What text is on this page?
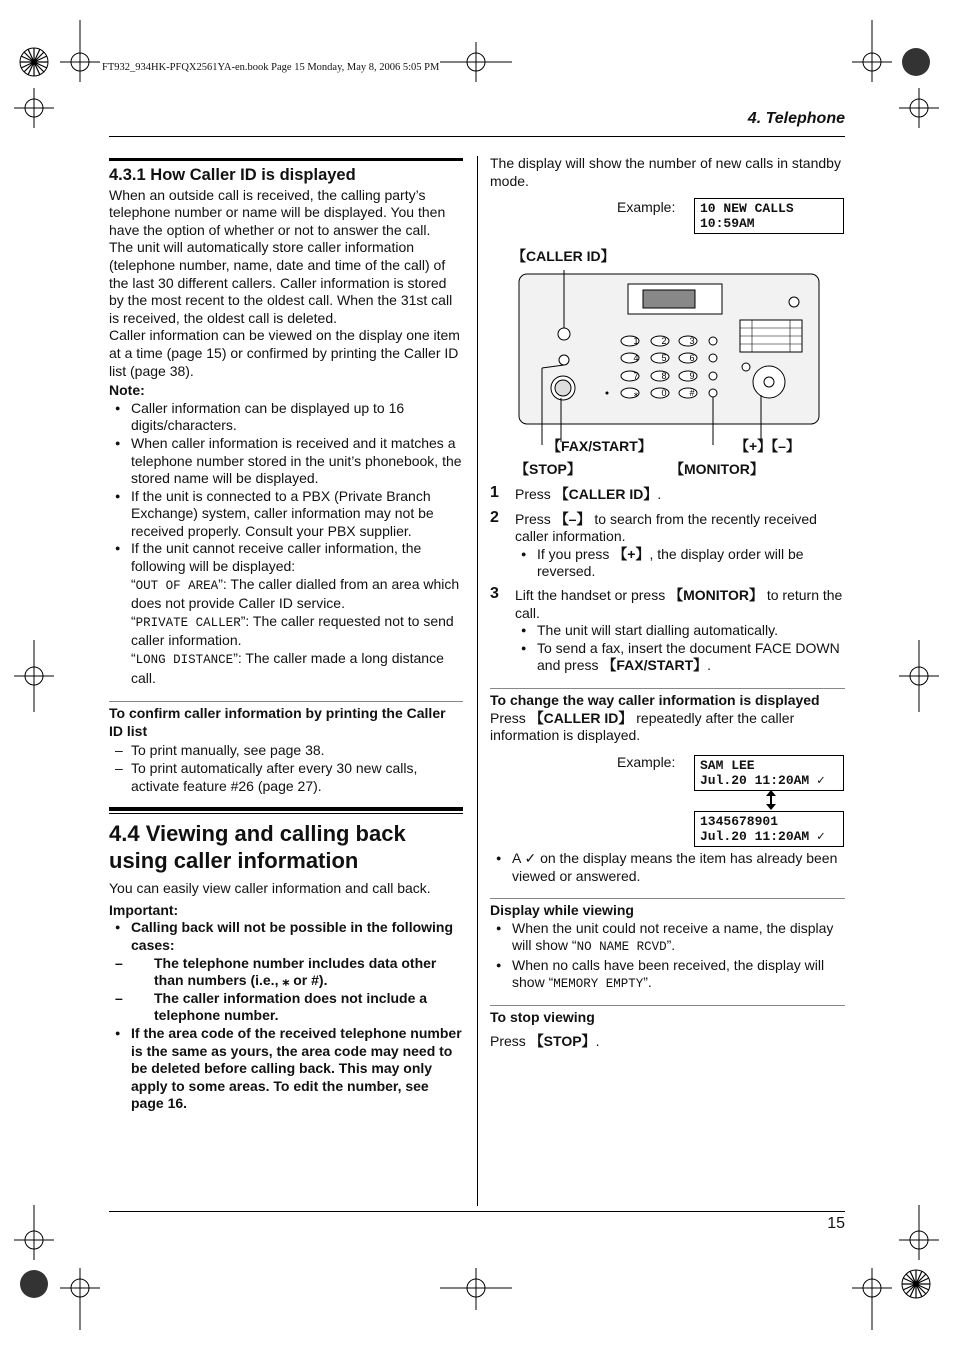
FT932_934HK-PFQX2561YA-en.book Page 15 Monday, May 8, 2006 5:05 PM
4. Telephone
15
4.3.1 How Caller ID is displayed

When an outside call is received, the calling party’s telephone number or name will be displayed. You then have the option of whether or not to answer the call.

The unit will automatically store caller information (telephone number, name, date and time of the call) of the last 30 different callers. Caller information is stored by the most recent to the oldest call. When the 31st call is received, the oldest call is deleted.

Caller information can be viewed on the display one item at a time (page 15) or confirmed by printing the Caller ID list (page 38).

Note:

● Caller information can be displayed up to 16 digits/characters.
● When caller information is received and it matches a telephone number stored in the unit’s phonebook, the stored name will be displayed.
● If the unit is connected to a PBX (Private Branch Exchange) system, caller information may not be received properly. Consult your PBX supplier.
● If the unit cannot receive caller information, the following will be displayed:
“OUT OF AREA”: The caller dialled from an area which does not provide Caller ID service.
“PRIVATE CALLER”: The caller requested not to send caller information.
“LONG DISTANCE”: The caller made a long distance call.

To confirm caller information by printing the Caller ID list

– To print manually, see page 38.
– To print automatically after every 30 new calls, activate feature #26 (page 27).
4.4 Viewing and calling back using caller information

You can easily view caller information and call back.

Important:

● Calling back will not be possible in the following cases:
– The telephone number includes data other than numbers (i.e., ⁎ or #).
– The caller information does not include a telephone number.
● If the area code of the received telephone number is the same as yours, the area code may need to be deleted before calling back. This may only apply to some areas. To edit the number, see page 16.
The display will show the number of new calls in standby mode.
Example: 10 NEW CALLS
10:59AM
【CALLER ID】
1	2	3
4	5	6
7	8	9
⁎	0	#
【FAX/START】	【+】【–】
【STOP】	【MONITOR】
1 Press 【CALLER ID】.
2 Press 【–】 to search from the recently received caller information.
● If you press 【+】, the display order will be reversed.
3 Lift the handset or press 【MONITOR】 to return the call.
● The unit will start dialling automatically.
● To send a fax, insert the document FACE DOWN and press 【FAX/START】.

To change the way caller information is displayed

Press 【CALLER ID】 repeatedly after the caller information is displayed.

Example: SAM LEE
Jul.20 11:20AM ✓
1345678901
Jul.20 11:20AM ✓
● A ✓ on the display means the item has already been viewed or answered.

Display while viewing

● When the unit could not receive a name, the display will show “NO NAME RCVD”.
● When no calls have been received, the display will show “MEMORY EMPTY”.

To stop viewing

Press 【STOP】.
